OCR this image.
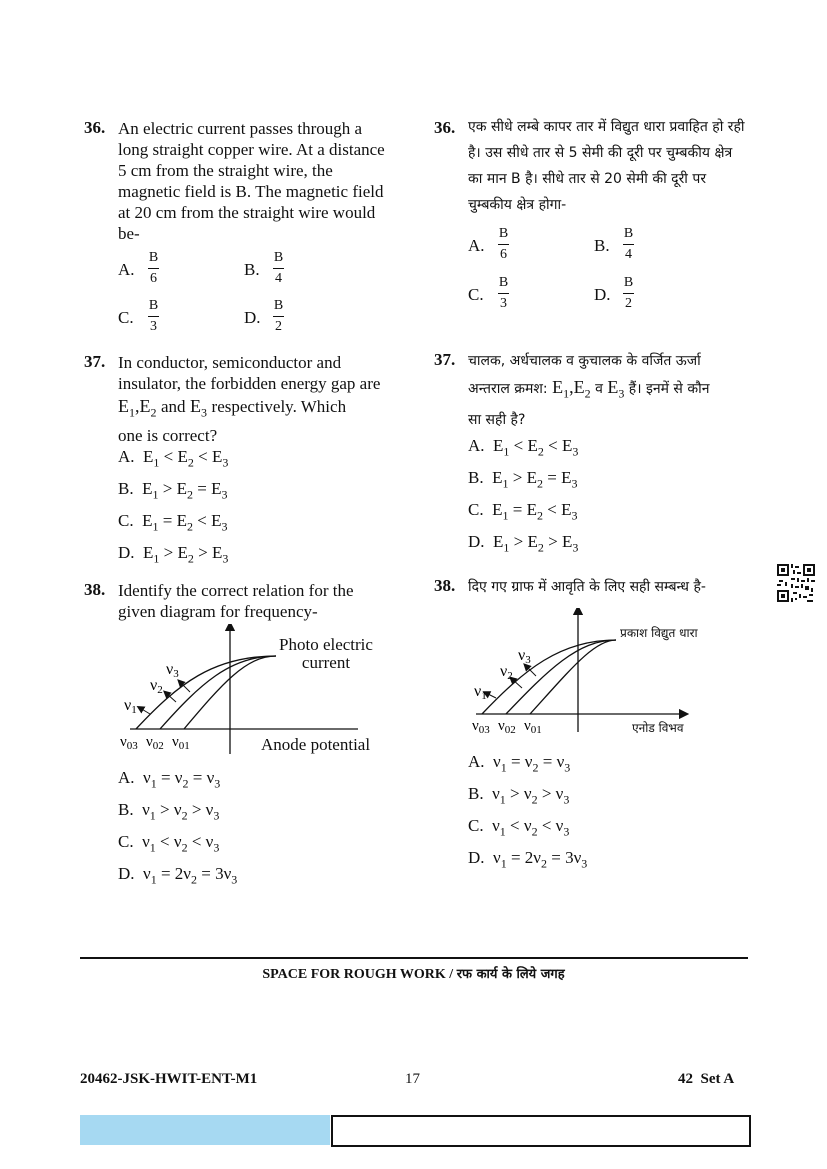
36. An electric current passes through a long straight copper wire. At a distance 5 cm from the straight wire, the magnetic field is B. The magnetic field at 20 cm from the straight wire would be-
A.
B
6	B.
B
4
C.
B
3	D.
B
2
36. एक सीधे लम्बे कापर तार में विद्युत धारा प्रवाहित हो रही है। उस सीधे तार से 5 सेमी की दूरी पर चुम्बकीय क्षेत्र का मान B है। सीधे तार से 20 सेमी की दूरी पर चुम्बकीय क्षेत्र होगा-
A.
B
6	B.
B
4
C.
B
3	D.
B
2
37. In conductor, semiconductor and
insulator, the forbidden energy gap are
$E_1,E_2$ and $E_3$ respectively. Which
one is correct?
A.  $E_1 < E_2 < E_3$
B.  $E_1 > E_2 = E_3$
C.  $E_1 = E_2 < E_3$
D.  $E_1 > E_2 > E_3$
37. चालक, अर्धचालक व कुचालक के वर्जित ऊर्जा
अन्तराल क्रमश: $E_1,E_2$ व $E_3$ हैं। इनमें से कौन
सा सही है?
A.  $E_1 < E_2 < E_3$
B.  $E_1 > E_2 = E_3$
C.  $E_1 = E_2 < E_3$
D.  $E_1 > E_2 > E_3$
38. Identify the correct relation for the given diagram for frequency-
ν3
ν2
ν1
$\nu_{03}$ $\nu_{02}$ $\nu_{01}$
Photo electric
current
Anode potential
A. $\nu_1 = \nu_2 = \nu_3$
B. $\nu_1 > \nu_2 > \nu_3$
C. $\nu_1 < \nu_2 < \nu_3$
D. $\nu_1 = 2\nu_2 = 3\nu_3$
38. दिए गए ग्राफ में आवृति के लिए सही सम्बन्ध है-
ν3
ν2
ν1
$\nu_{03}$ $\nu_{02}$ $\nu_{01}$
प्रकाश विद्युत धारा
एनोड विभव
A. $\nu_1 = \nu_2 = \nu_3$
B. $\nu_1 > \nu_2 > \nu_3$
C. $\nu_1 < \nu_2 < \nu_3$
D. $\nu_1 = 2\nu_2 = 3\nu_3$
SPACE FOR ROUGH WORK / रफ कार्य के लिये जगह
20462-JSK-HWIT-ENT-M1	17	42 Set A
